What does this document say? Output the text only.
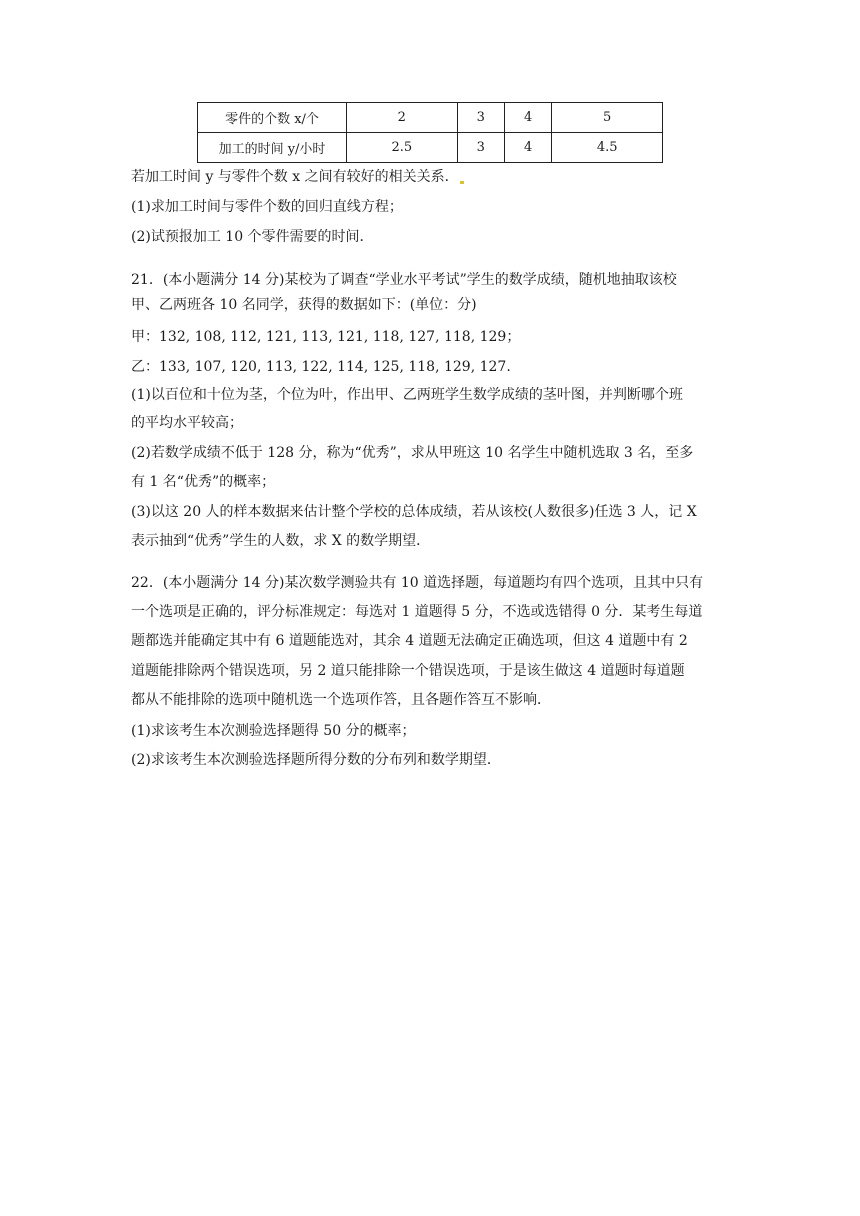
零件的个数 x/个	2	3	4	5
加工的时间 y/小时	2.5	3	4	4.5
若加工时间 y 与零件个数 x 之间有较好的相关关系．
(1)求加工时间与零件个数的回归直线方程；
(2)试预报加工 10 个零件需要的时间．
21．(本小题满分 14 分)某校为了调查“学业水平考试”学生的数学成绩，随机地抽取该校
甲、乙两班各 10 名同学，获得的数据如下：(单位：分)
甲：132, 108, 112, 121, 113, 121, 118, 127, 118, 129；
乙：133, 107, 120, 113, 122, 114, 125, 118, 129, 127.
(1)以百位和十位为茎，个位为叶，作出甲、乙两班学生数学成绩的茎叶图，并判断哪个班
的平均水平较高；
(2)若数学成绩不低于 128 分，称为“优秀”，求从甲班这 10 名学生中随机选取 3 名，至多
有 1 名“优秀”的概率；
(3)以这 20 人的样本数据来估计整个学校的总体成绩，若从该校(人数很多)任选 3 人，记 X
表示抽到“优秀”学生的人数，求 X 的数学期望．
22．(本小题满分 14 分)某次数学测验共有 10 道选择题，每道题均有四个选项，且其中只有
一个选项是正确的，评分标准规定：每选对 1 道题得 5 分，不选或选错得 0 分．某考生每道
题都选并能确定其中有 6 道题能选对，其余 4 道题无法确定正确选项，但这 4 道题中有 2
道题能排除两个错误选项，另 2 道只能排除一个错误选项，于是该生做这 4 道题时每道题
都从不能排除的选项中随机选一个选项作答，且各题作答互不影响．
(1)求该考生本次测验选择题得 50 分的概率；
(2)求该考生本次测验选择题所得分数的分布列和数学期望．
